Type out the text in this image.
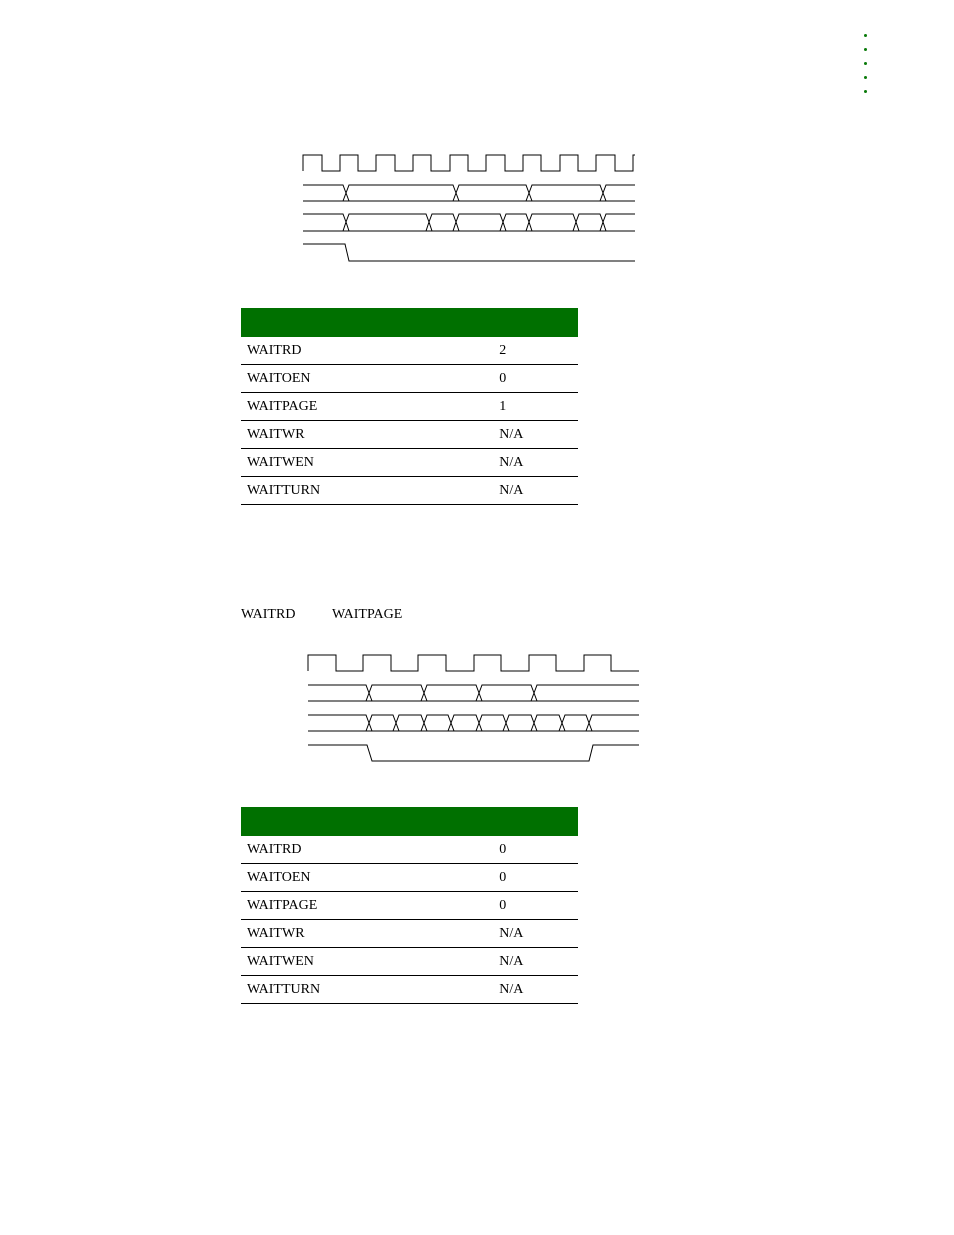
WAITRD	2
WAITOEN	0
WAITPAGE	1
WAITWR	N/A
WAITWEN	N/A
WAITTURN	N/A
WAITRD	WAITPAGE

WAITRD	0
WAITOEN	0
WAITPAGE	0
WAITWR	N/A
WAITWEN	N/A
WAITTURN	N/A
